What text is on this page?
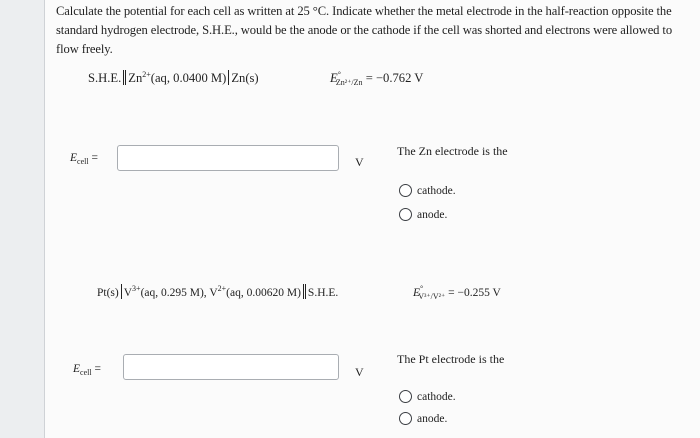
Calculate the potential for each cell as written at 25 °C. Indicate whether the metal electrode in the half-reaction opposite the standard hydrogen electrode, S.H.E., would be the anode or the cathode if the cell was shorted and electrons were allowed to flow freely.
S.H.E. $Zn^{2+}(aq$, 0.0400 M) Zn(s)	$E^\circ_{Zn^{2+}/Zn} = -0.762$ V
$E_{cell}$ =	V
The Zn electrode is the
cathode.
anode.
Pt(s) $V^{3+}(aq$, 0.295 M), $V^{2+}(aq$, 0.00620 M) S.H.E.	$E^\circ_{V^{3+}/V^{2+}} = -0.255$ V
$E_{cell}$ =	V
The Pt electrode is the
cathode.
anode.
